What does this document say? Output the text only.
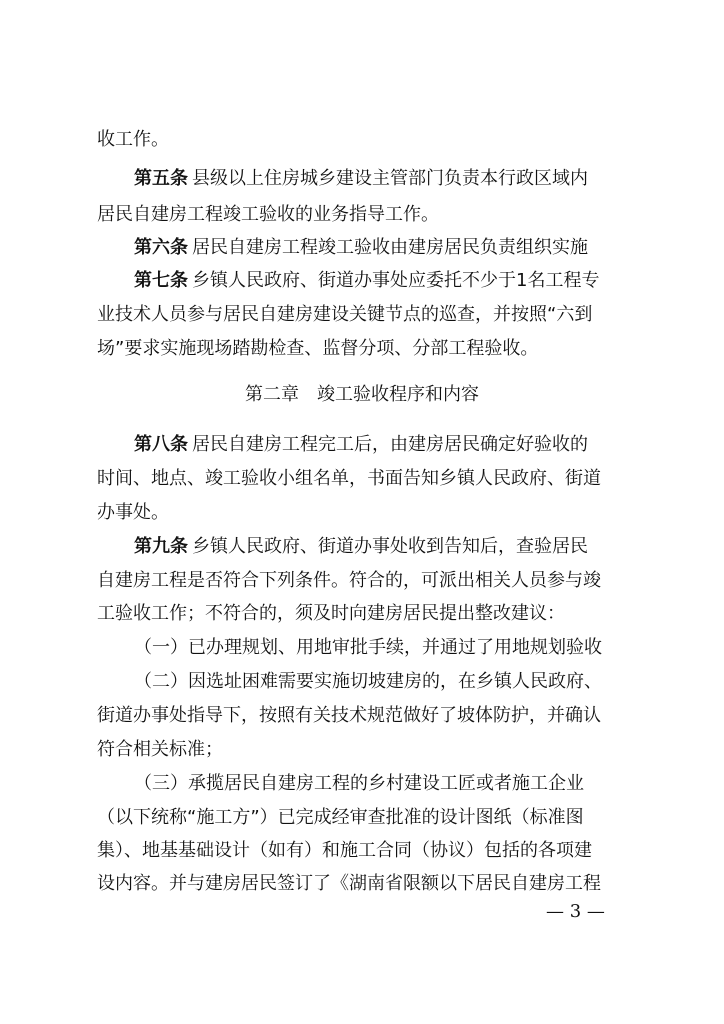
收工作。
第五条 县级以上住房城乡建设主管部门负责本行政区域内
居民自建房工程竣工验收的业务指导工作。
第六条 居民自建房工程竣工验收由建房居民负责组织实施
第七条 乡镇人民政府、街道办事处应委托不少于1名工程专
业技术人员参与居民自建房建设关键节点的巡查，并按照“六到
场”要求实施现场踏勘检查、监督分项、分部工程验收。
第二章 竣工验收程序和内容
第八条 居民自建房工程完工后，由建房居民确定好验收的
时间、地点、竣工验收小组名单，书面告知乡镇人民政府、街道
办事处。
第九条 乡镇人民政府、街道办事处收到告知后，查验居民
自建房工程是否符合下列条件。符合的，可派出相关人员参与竣
工验收工作；不符合的，须及时向建房居民提出整改建议：
（一）已办理规划、用地审批手续，并通过了用地规划验收
（二）因选址困难需要实施切坡建房的，在乡镇人民政府、
街道办事处指导下，按照有关技术规范做好了坡体防护，并确认
符合相关标准；
（三）承揽居民自建房工程的乡村建设工匠或者施工企业
（以下统称“施工方”）已完成经审查批准的设计图纸（标准图
集）、地基基础设计（如有）和施工合同（协议）包括的各项建
设内容。并与建房居民签订了《湖南省限额以下居民自建房工程
— 3 —
